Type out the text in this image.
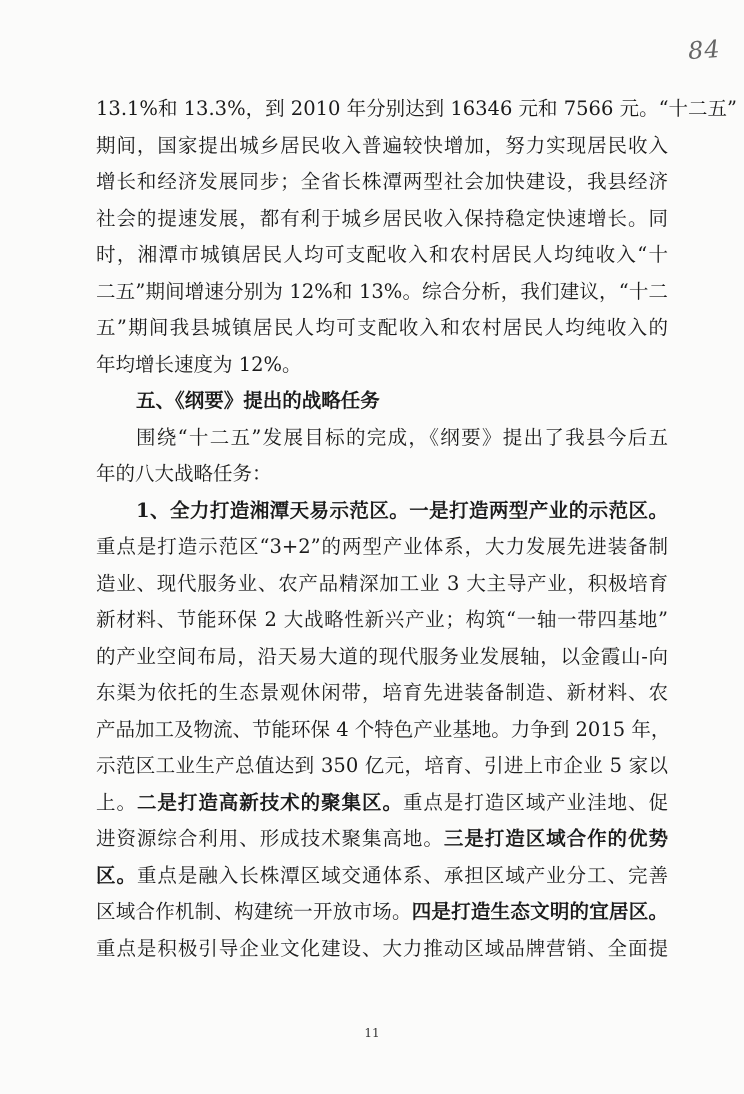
84
13.1%和 13.3%，到 2010 年分别达到 16346 元和 7566 元。“十二五”
期间，国家提出城乡居民收入普遍较快增加，努力实现居民收入
增长和经济发展同步；全省长株潭两型社会加快建设，我县经济
社会的提速发展，都有利于城乡居民收入保持稳定快速增长。同
时，湘潭市城镇居民人均可支配收入和农村居民人均纯收入“十
二五”期间增速分别为 12%和 13%。综合分析，我们建议，“十二
五”期间我县城镇居民人均可支配收入和农村居民人均纯收入的
年均增长速度为 12%。
五、《纲要》提出的战略任务
围绕“十二五”发展目标的完成，《纲要》提出了我县今后五
年的八大战略任务：
1、全力打造湘潭天易示范区。一是打造两型产业的示范区。
重点是打造示范区“3+2”的两型产业体系，大力发展先进装备制
造业、现代服务业、农产品精深加工业 3 大主导产业，积极培育
新材料、节能环保 2 大战略性新兴产业；构筑“一轴一带四基地”
的产业空间布局，沿天易大道的现代服务业发展轴，以金霞山-向
东渠为依托的生态景观休闲带，培育先进装备制造、新材料、农
产品加工及物流、节能环保 4 个特色产业基地。力争到 2015 年，
示范区工业生产总值达到 350 亿元，培育、引进上市企业 5 家以
上。二是打造高新技术的聚集区。重点是打造区域产业洼地、促
进资源综合利用、形成技术聚集高地。三是打造区域合作的优势
区。重点是融入长株潭区域交通体系、承担区域产业分工、完善
区域合作机制、构建统一开放市场。四是打造生态文明的宜居区。
重点是积极引导企业文化建设、大力推动区域品牌营销、全面提
11
